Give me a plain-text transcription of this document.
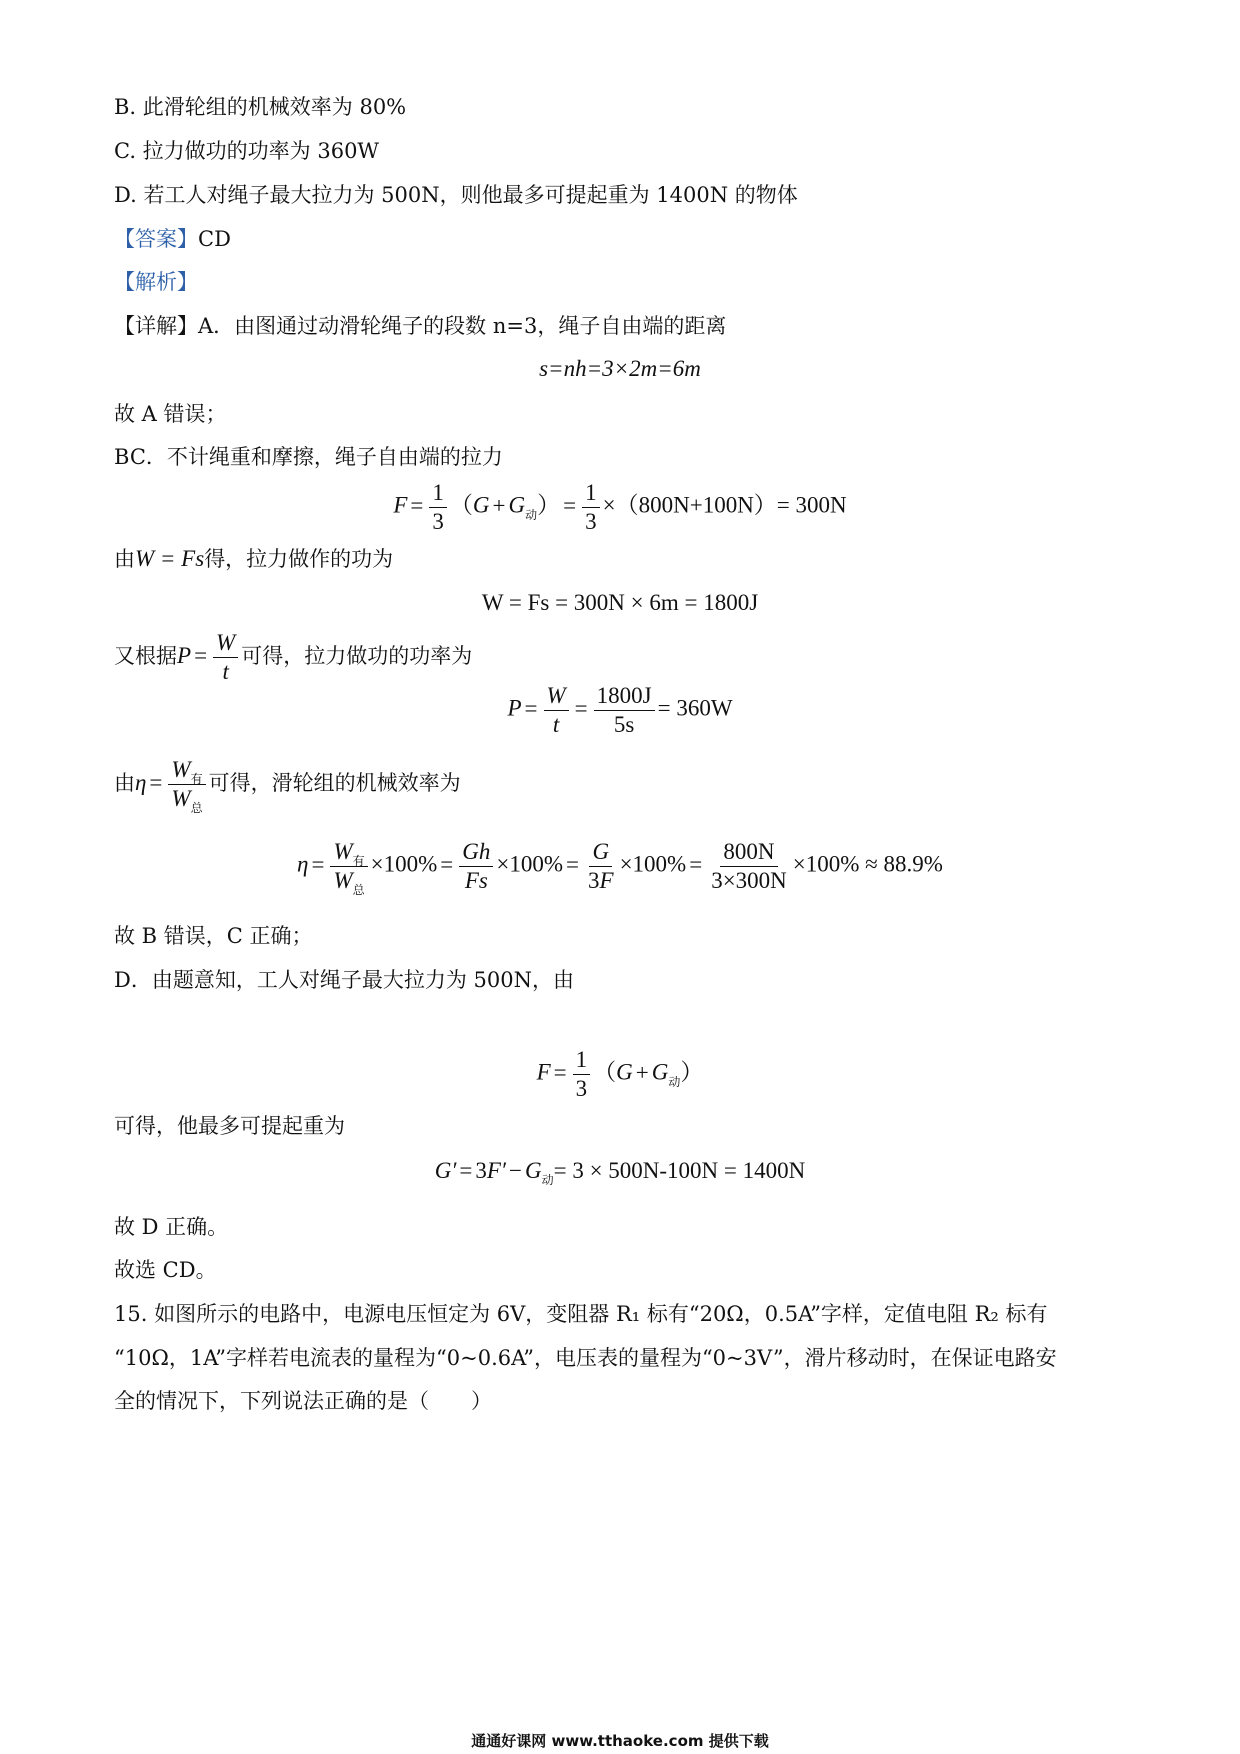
B. 此滑轮组的机械效率为 80%
C. 拉力做功的功率为 360W
D. 若工人对绳子最大拉力为 500N，则他最多可提起重为 1400N 的物体
【答案】CD
【解析】
【详解】A．由图通过动滑轮绳子的段数 n=3，绳子自由端的距离
s=nh=3×2m=6m
故 A 错误；
BC．不计绳重和摩擦，绳子自由端的拉力
$F = \frac{1}{3} (G + G_动) = \frac{1}{3} \times(800N+100N)= 300N$
由W = Fs得，拉力做作的功为
W = Fs = 300N × 6m = 1800J
又根据$P = \frac{W}{t}$ 可得，拉力做功的功率为
$P = \frac{W}{t} = \frac{1800J}{5s} = 360W$
由$\eta = \frac{W_有}{W_总}$ 可得，滑轮组的机械效率为
$\eta = \frac{W_有}{W_总} \times 100\% = \frac{Gh}{Fs} \times 100\% = \frac{G}{3F} \times 100\% = \frac{800N}{3\times 300N} \times 100\% \approx 88.9\%$
故 B 错误，C 正确；
D．由题意知，工人对绳子最大拉力为 500N，由
$F = \frac{1}{3} (G + G_动)$
可得，他最多可提起重为
$G' = 3F' - G_动= 3 \times 500N-100N = 1400N$
故 D 正确。
故选 CD。
15. 如图所示的电路中，电源电压恒定为 6V，变阻器 R₁ 标有“20Ω，0.5A”字样，定值电阻 R₂ 标有
“10Ω，1A”字样若电流表的量程为“0~0.6A”，电压表的量程为“0~3V”，滑片移动时，在保证电路安
全的情况下，下列说法正确的是（　　）
通通好课网 www.tthaoke.com 提供下载
